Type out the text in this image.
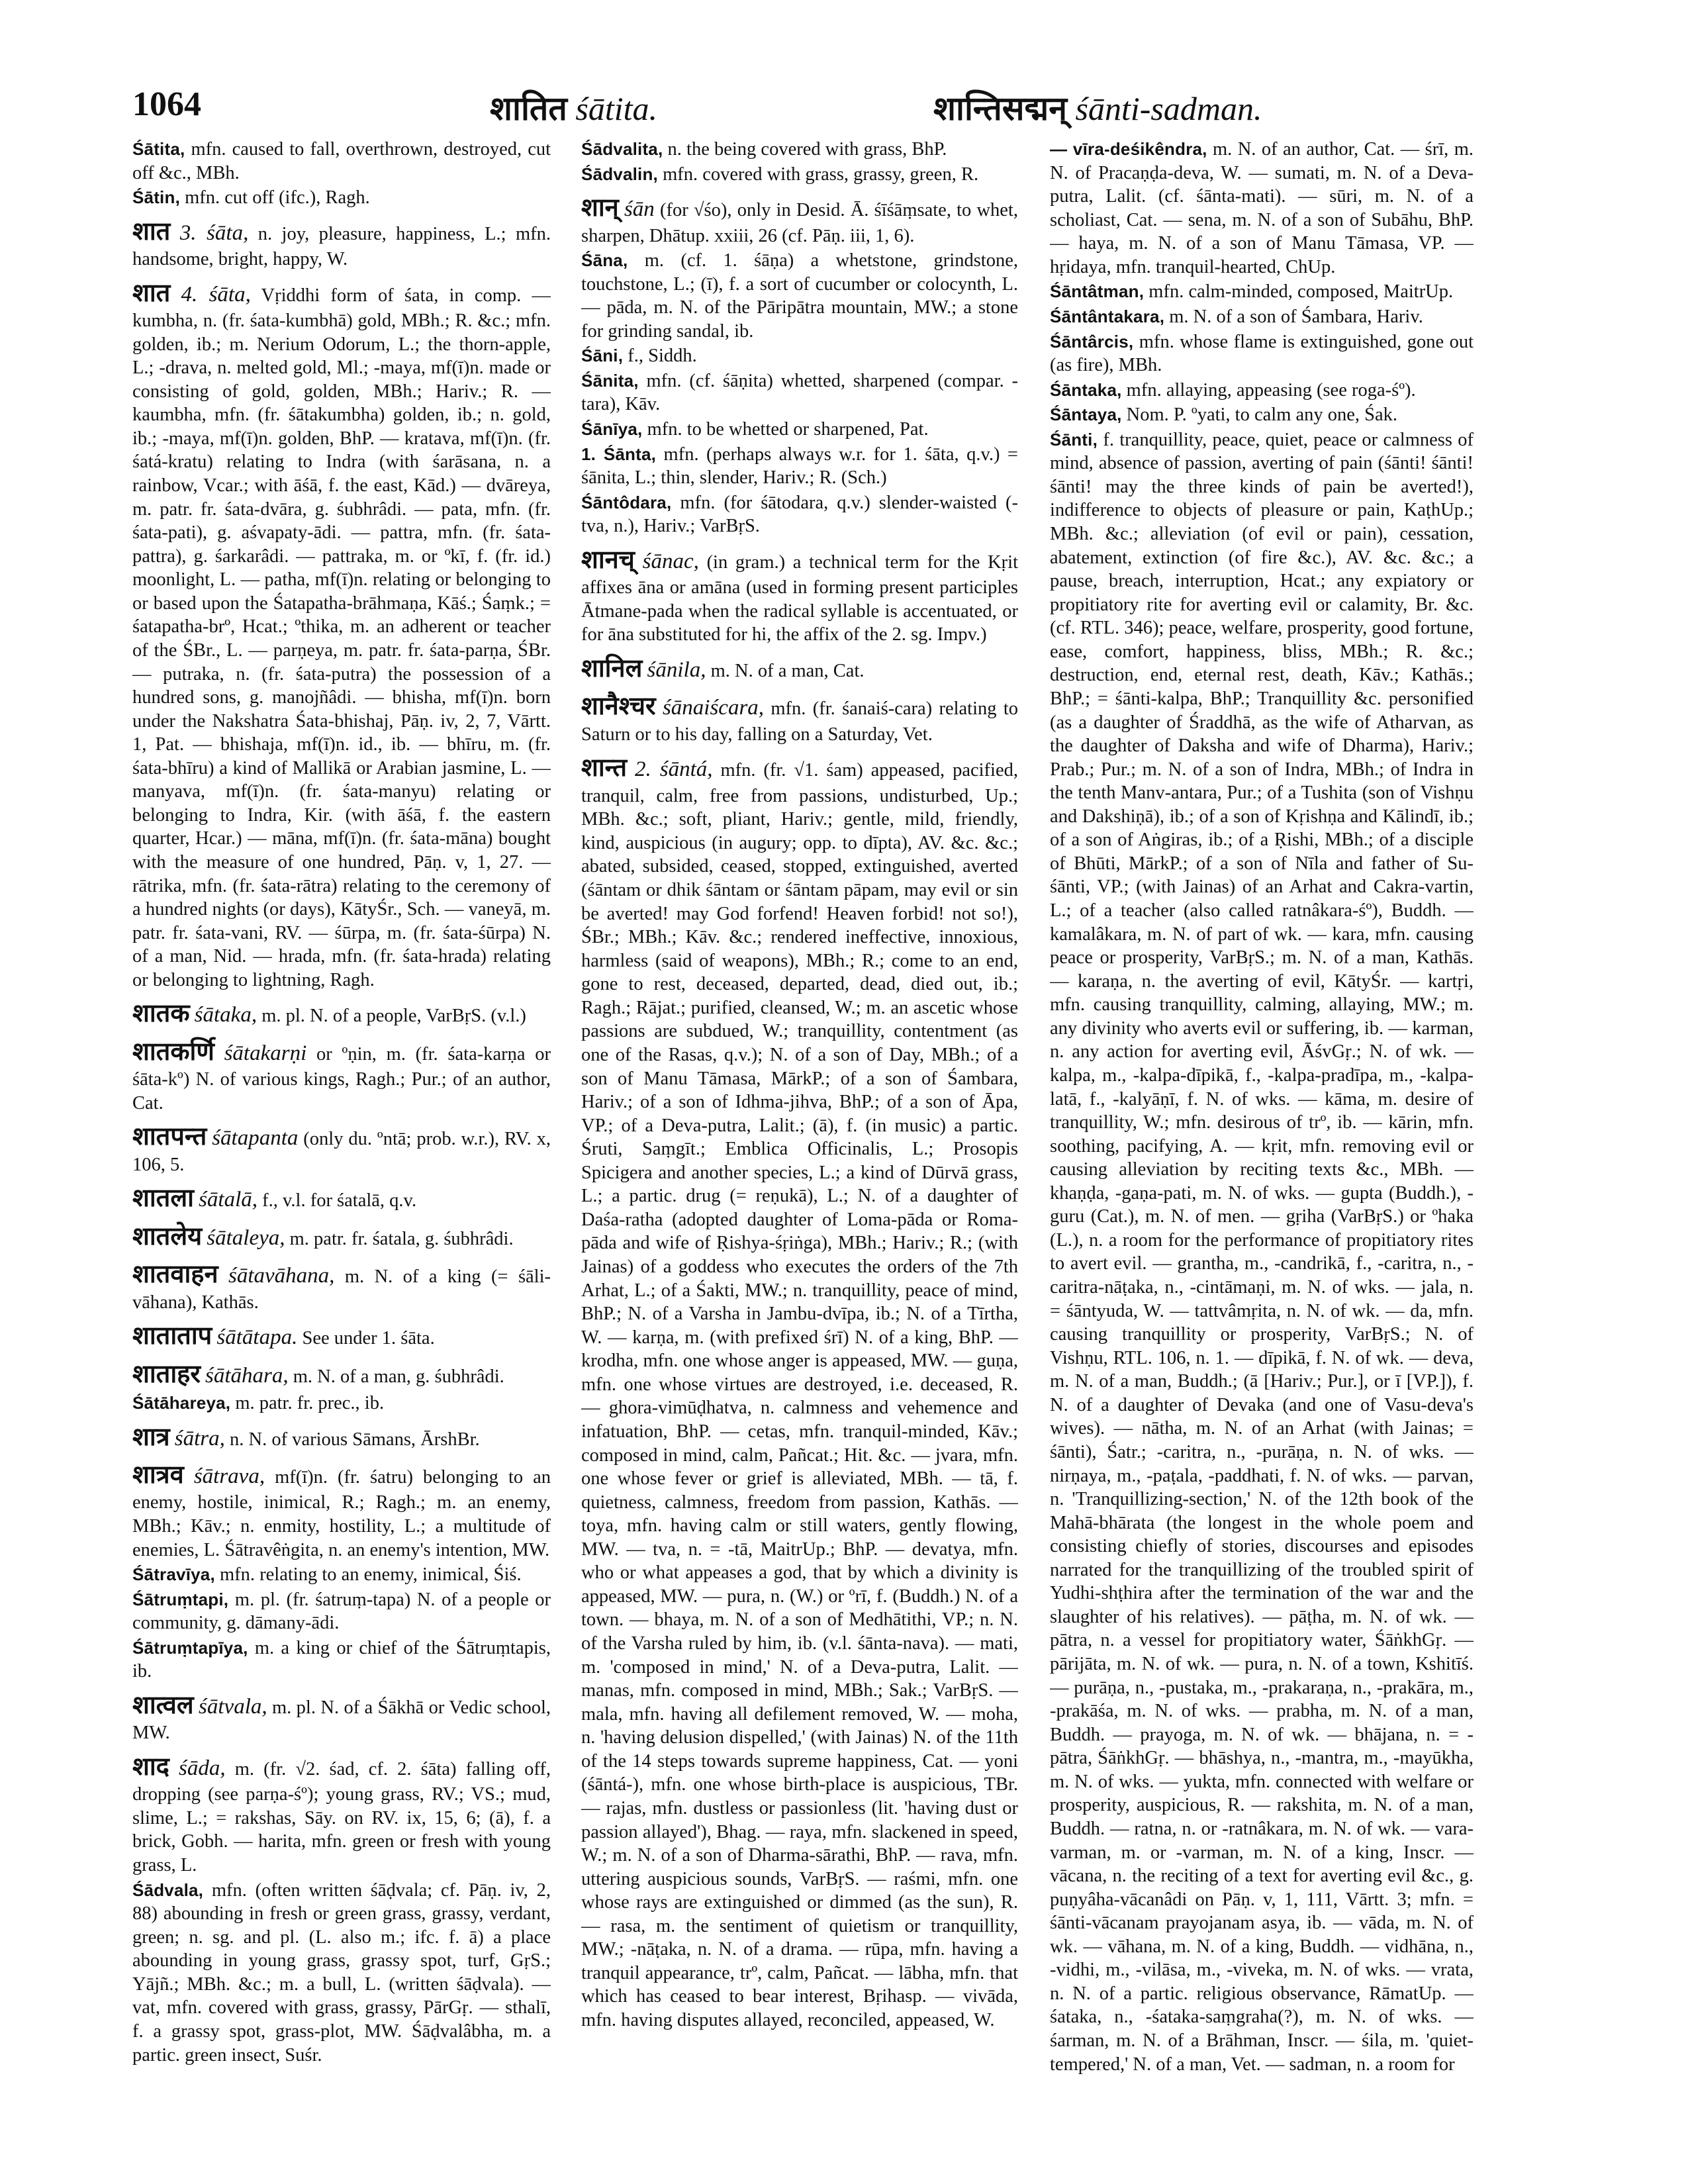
1064	शातित śātita.	शान्तिसद्मन् śānti-sadman.

Śātita, mfn. caused to fall, overthrown, destroyed, cut off &c., MBh.

Śātin, mfn. cut off (ifc.), Ragh.

शात 3. śāta, n. joy, pleasure, happiness, L.; mfn. handsome, bright, happy, W.

शात 4. śāta, Vṛiddhi form of śata, in comp. — kumbha, n. (fr. śata-kumbhā) gold, MBh.; R. &c.; mfn. golden, ib.; m. Nerium Odorum, L.; the thorn-apple, L.; -drava, n. melted gold, Ml.; -maya, mf(ī)n. made or consisting of gold, golden, MBh.; Hariv.; R. — kaumbha, mfn. (fr. śātakumbha) golden, ib.; n. gold, ib.; -maya, mf(ī)n. golden, BhP. — kratava, mf(ī)n. (fr. śatá-kratu) relating to Indra (with śarāsana, n. a rainbow, Vcar.; with āśā, f. the east, Kād.) — dvāreya, m. patr. fr. śata-dvāra, g. śubhrâdi. — pata, mfn. (fr. śata-pati), g. aśvapaty-ādi. — pattra, mfn. (fr. śata-pattra), g. śarkarâdi. — pattraka, m. or ºkī, f. (fr. id.) moonlight, L. — patha, mf(ī)n. relating or belonging to or based upon the Śatapatha-brāhmaṇa, Kāś.; Śaṃk.; = śatapatha-brº, Hcat.; ºthika, m. an adherent or teacher of the ŚBr., L. — parṇeya, m. patr. fr. śata-parṇa, ŚBr. — putraka, n. (fr. śata-putra) the possession of a hundred sons, g. manojñâdi. — bhisha, mf(ī)n. born under the Nakshatra Śata-bhishaj, Pāṇ. iv, 2, 7, Vārtt. 1, Pat. — bhishaja, mf(ī)n. id., ib. — bhīru, m. (fr. śata-bhīru) a kind of Mallikā or Arabian jasmine, L. — manyava, mf(ī)n. (fr. śata-manyu) relating or belonging to Indra, Kir. (with āśā, f. the eastern quarter, Hcar.) — māna, mf(ī)n. (fr. śata-māna) bought with the measure of one hundred, Pāṇ. v, 1, 27. — rātrika, mfn. (fr. śata-rātra) relating to the ceremony of a hundred nights (or days), KātyŚr., Sch. — vaneyā, m. patr. fr. śata-vani, RV. — śūrpa, m. (fr. śata-śūrpa) N. of a man, Nid. — hrada, mfn. (fr. śata-hrada) relating or belonging to lightning, Ragh.

शातक śātaka, m. pl. N. of a people, VarBṛS. (v.l.)

शातकर्णि śātakarṇi or ºṇin, m. (fr. śata-karṇa or śāta-kº) N. of various kings, Ragh.; Pur.; of an author, Cat.

शातपन्त śātapanta (only du. ºntā; prob. w.r.), RV. x, 106, 5.

शातला śātalā, f., v.l. for śatalā, q.v.

शातलेय śātaleya, m. patr. fr. śatala, g. śubhrâdi.

शातवाहन śātavāhana, m. N. of a king (= śāli-vāhana), Kathās.

शाताताप śātātapa. See under 1. śāta.

शाताहर śātāhara, m. N. of a man, g. śubhrâdi.

Śātāhareya, m. patr. fr. prec., ib.

शात्र śātra, n. N. of various Sāmans, ĀrshBr.

शात्रव śātrava, mf(ī)n. (fr. śatru) belonging to an enemy, hostile, inimical, R.; Ragh.; m. an enemy, MBh.; Kāv.; n. enmity, hostility, L.; a multitude of enemies, L. Śātravêṅgita, n. an enemy's intention, MW.

Śātravīya, mfn. relating to an enemy, inimical, Śiś.

Śātruṃtapi, m. pl. (fr. śatruṃ-tapa) N. of a people or community, g. dāmany-ādi.

Śātruṃtapīya, m. a king or chief of the Śātruṃtapis, ib.

शात्वल śātvala, m. pl. N. of a Śākhā or Vedic school, MW.

शाद śāda, m. (fr. √2. śad, cf. 2. śāta) falling off, dropping (see parṇa-śº); young grass, RV.; VS.; mud, slime, L.; = rakshas, Sāy. on RV. ix, 15, 6; (ā), f. a brick, Gobh. — harita, mfn. green or fresh with young grass, L.

Śādvala, mfn. (often written śāḍvala; cf. Pāṇ. iv, 2, 88) abounding in fresh or green grass, grassy, verdant, green; n. sg. and pl. (L. also m.; ifc. f. ā) a place abounding in young grass, grassy spot, turf, GṛS.; Yājñ.; MBh. &c.; m. a bull, L. (written śāḍvala). — vat, mfn. covered with grass, grassy, PārGṛ. — sthalī, f. a grassy spot, grass-plot, MW. Śāḍvalâbha, m. a partic. green insect, Suśr.

Śādvalita, n. the being covered with grass, BhP.

Śādvalin, mfn. covered with grass, grassy, green, R.

शान् śān (for √śo), only in Desid. Ā. śīśāṃsate, to whet, sharpen, Dhātup. xxiii, 26 (cf. Pāṇ. iii, 1, 6).

Śāna, m. (cf. 1. śāṇa) a whetstone, grindstone, touchstone, L.; (ī), f. a sort of cucumber or colocynth, L. — pāda, m. N. of the Pāripātra mountain, MW.; a stone for grinding sandal, ib.

Śāni, f., Siddh.

Śānita, mfn. (cf. śāṇita) whetted, sharpened (compar. -tara), Kāv.

Śānīya, mfn. to be whetted or sharpened, Pat.

1. Śānta, mfn. (perhaps always w.r. for 1. śāta, q.v.) = śānita, L.; thin, slender, Hariv.; R. (Sch.)

Śāntôdara, mfn. (for śātodara, q.v.) slender-waisted (-tva, n.), Hariv.; VarBṛS.

शानच् śānac, (in gram.) a technical term for the Kṛit affixes āna or amāna (used in forming present participles Ātmane-pada when the radical syllable is accentuated, or for āna substituted for hi, the affix of the 2. sg. Impv.)

शानिल śānila, m. N. of a man, Cat.

शानैश्चर śānaiścara, mfn. (fr. śanaiś-cara) relating to Saturn or to his day, falling on a Saturday, Vet.

शान्त 2. śāntá, mfn. (fr. √1. śam) appeased, pacified, tranquil, calm, free from passions, undisturbed, Up.; MBh. &c.; soft, pliant, Hariv.; gentle, mild, friendly, kind, auspicious (in augury; opp. to dīpta), AV. &c. &c.; abated, subsided, ceased, stopped, extinguished, averted (śāntam or dhik śāntam or śāntam pāpam, may evil or sin be averted! may God forfend! Heaven forbid! not so!), ŚBr.; MBh.; Kāv. &c.; rendered ineffective, innoxious, harmless (said of weapons), MBh.; R.; come to an end, gone to rest, deceased, departed, dead, died out, ib.; Ragh.; Rājat.; purified, cleansed, W.; m. an ascetic whose passions are subdued, W.; tranquillity, contentment (as one of the Rasas, q.v.); N. of a son of Day, MBh.; of a son of Manu Tāmasa, MārkP.; of a son of Śambara, Hariv.; of a son of Idhma-jihva, BhP.; of a son of Āpa, VP.; of a Deva-putra, Lalit.; (ā), f. (in music) a partic. Śruti, Saṃgīt.; Emblica Officinalis, L.; Prosopis Spicigera and another species, L.; a kind of Dūrvā grass, L.; a partic. drug (= reṇukā), L.; N. of a daughter of Daśa-ratha (adopted daughter of Loma-pāda or Roma-pāda and wife of Ṛishya-śṛiṅga), MBh.; Hariv.; R.; (with Jainas) of a goddess who executes the orders of the 7th Arhat, L.; of a Śakti, MW.; n. tranquillity, peace of mind, BhP.; N. of a Varsha in Jambu-dvīpa, ib.; N. of a Tīrtha, W. — karṇa, m. (with prefixed śrī) N. of a king, BhP. — krodha, mfn. one whose anger is appeased, MW. — guṇa, mfn. one whose virtues are destroyed, i.e. deceased, R. — ghora-vimūḍhatva, n. calmness and vehemence and infatuation, BhP. — cetas, mfn. tranquil-minded, Kāv.; composed in mind, calm, Pañcat.; Hit. &c. — jvara, mfn. one whose fever or grief is alleviated, MBh. — tā, f. quietness, calmness, freedom from passion, Kathās. — toya, mfn. having calm or still waters, gently flowing, MW. — tva, n. = -tā, MaitrUp.; BhP. — devatya, mfn. who or what appeases a god, that by which a divinity is appeased, MW. — pura, n. (W.) or ºrī, f. (Buddh.) N. of a town. — bhaya, m. N. of a son of Medhātithi, VP.; n. N. of the Varsha ruled by him, ib. (v.l. śānta-nava). — mati, m. 'composed in mind,' N. of a Deva-putra, Lalit. — manas, mfn. composed in mind, MBh.; Sak.; VarBṛS. — mala, mfn. having all defilement removed, W. — moha, n. 'having delusion dispelled,' (with Jainas) N. of the 11th of the 14 steps towards supreme happiness, Cat. — yoni (śāntá-), mfn. one whose birth-place is auspicious, TBr. — rajas, mfn. dustless or passionless (lit. 'having dust or passion allayed'), Bhag. — raya, mfn. slackened in speed, W.; m. N. of a son of Dharma-sārathi, BhP. — rava, mfn. uttering auspicious sounds, VarBṛS. — raśmi, mfn. one whose rays are extinguished or dimmed (as the sun), R. — rasa, m. the sentiment of quietism or tranquillity, MW.; -nāṭaka, n. N. of a drama. — rūpa, mfn. having a tranquil appearance, trº, calm, Pañcat. — lābha, mfn. that which has ceased to bear interest, Bṛihasp. — vivāda, mfn. having disputes allayed, reconciled, appeased, W.

— vīra-deśikêndra, m. N. of an author, Cat. — śrī, m. N. of Pracaṇḍa-deva, W. — sumati, m. N. of a Deva-putra, Lalit. (cf. śānta-mati). — sūri, m. N. of a scholiast, Cat. — sena, m. N. of a son of Subāhu, BhP. — haya, m. N. of a son of Manu Tāmasa, VP. — hṛidaya, mfn. tranquil-hearted, ChUp.

Śāntâtman, mfn. calm-minded, composed, MaitrUp.

Śāntântakara, m. N. of a son of Śambara, Hariv.

Śāntârcis, mfn. whose flame is extinguished, gone out (as fire), MBh.

Śāntaka, mfn. allaying, appeasing (see roga-śº).

Śāntaya, Nom. P. ºyati, to calm any one, Śak.

Śānti, f. tranquillity, peace, quiet, peace or calmness of mind, absence of passion, averting of pain (śānti! śānti! śānti! may the three kinds of pain be averted!), indifference to objects of pleasure or pain, KaṭhUp.; MBh. &c.; alleviation (of evil or pain), cessation, abatement, extinction (of fire &c.), AV. &c. &c.; a pause, breach, interruption, Hcat.; any expiatory or propitiatory rite for averting evil or calamity, Br. &c. (cf. RTL. 346); peace, welfare, prosperity, good fortune, ease, comfort, happiness, bliss, MBh.; R. &c.; destruction, end, eternal rest, death, Kāv.; Kathās.; BhP.; = śānti-kalpa, BhP.; Tranquillity &c. personified (as a daughter of Śraddhā, as the wife of Atharvan, as the daughter of Daksha and wife of Dharma), Hariv.; Prab.; Pur.; m. N. of a son of Indra, MBh.; of Indra in the tenth Manv-antara, Pur.; of a Tushita (son of Vishṇu and Dakshiṇā), ib.; of a son of Kṛishṇa and Kālindī, ib.; of a son of Aṅgiras, ib.; of a Ṛishi, MBh.; of a disciple of Bhūti, MārkP.; of a son of Nīla and father of Su-śānti, VP.; (with Jainas) of an Arhat and Cakra-vartin, L.; of a teacher (also called ratnâkara-śº), Buddh. — kamalâkara, m. N. of part of wk. — kara, mfn. causing peace or prosperity, VarBṛS.; m. N. of a man, Kathās. — karaṇa, n. the averting of evil, KātyŚr. — kartṛi, mfn. causing tranquillity, calming, allaying, MW.; m. any divinity who averts evil or suffering, ib. — karman, n. any action for averting evil, ĀśvGṛ.; N. of wk. — kalpa, m., -kalpa-dīpikā, f., -kalpa-pradīpa, m., -kalpa-latā, f., -kalyāṇī, f. N. of wks. — kāma, m. desire of tranquillity, W.; mfn. desirous of trº, ib. — kārin, mfn. soothing, pacifying, A. — kṛit, mfn. removing evil or causing alleviation by reciting texts &c., MBh. — khaṇḍa, -gaṇa-pati, m. N. of wks. — gupta (Buddh.), -guru (Cat.), m. N. of men. — gṛiha (VarBṛS.) or ºhaka (L.), n. a room for the performance of propitiatory rites to avert evil. — grantha, m., -candrikā, f., -caritra, n., -caritra-nāṭaka, n., -cintāmaṇi, m. N. of wks. — jala, n. = śāntyuda, W. — tattvâmṛita, n. N. of wk. — da, mfn. causing tranquillity or prosperity, VarBṛS.; N. of Vishṇu, RTL. 106, n. 1. — dīpikā, f. N. of wk. — deva, m. N. of a man, Buddh.; (ā [Hariv.; Pur.], or ī [VP.]), f. N. of a daughter of Devaka (and one of Vasu-deva's wives). — nātha, m. N. of an Arhat (with Jainas; = śānti), Śatr.; -caritra, n., -purāṇa, n. N. of wks. — nirṇaya, m., -paṭala, -paddhati, f. N. of wks. — parvan, n. 'Tranquillizing-section,' N. of the 12th book of the Mahā-bhārata (the longest in the whole poem and consisting chiefly of stories, discourses and episodes narrated for the tranquillizing of the troubled spirit of Yudhi-shṭhira after the termination of the war and the slaughter of his relatives). — pāṭha, m. N. of wk. — pātra, n. a vessel for propitiatory water, ŚāṅkhGṛ. — pārijāta, m. N. of wk. — pura, n. N. of a town, Kshitīś. — purāṇa, n., -pustaka, m., -prakaraṇa, n., -prakāra, m., -prakāśa, m. N. of wks. — prabha, m. N. of a man, Buddh. — prayoga, m. N. of wk. — bhājana, n. = -pātra, ŚāṅkhGṛ. — bhāshya, n., -mantra, m., -mayūkha, m. N. of wks. — yukta, mfn. connected with welfare or prosperity, auspicious, R. — rakshita, m. N. of a man, Buddh. — ratna, n. or -ratnâkara, m. N. of wk. — vara-varman, m. or -varman, m. N. of a king, Inscr. — vācana, n. the reciting of a text for averting evil &c., g. puṇyâha-vācanâdi on Pāṇ. v, 1, 111, Vārtt. 3; mfn. = śānti-vācanam prayojanam asya, ib. — vāda, m. N. of wk. — vāhana, m. N. of a king, Buddh. — vidhāna, n., -vidhi, m., -vilāsa, m., -viveka, m. N. of wks. — vrata, n. N. of a partic. religious observance, RāmatUp. — śataka, n., -śataka-saṃgraha(?), m. N. of wks. — śarman, m. N. of a Brāhman, Inscr. — śila, m. 'quiet-tempered,' N. of a man, Vet. — sadman, n. a room for
